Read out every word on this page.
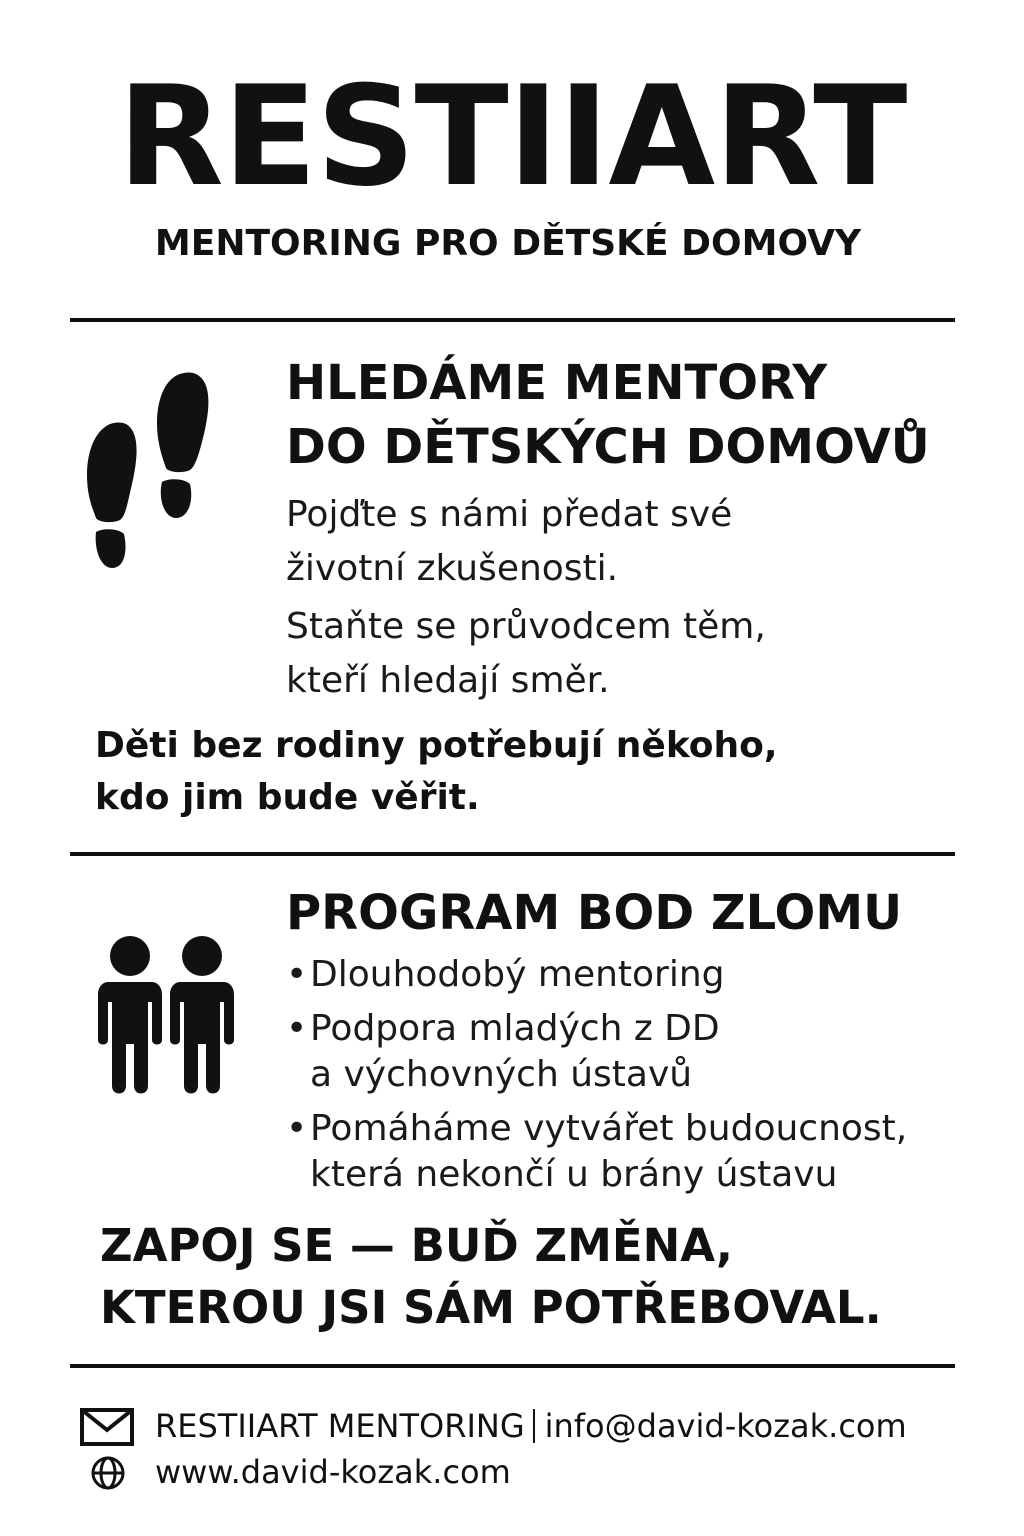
RESTIIART
MENTORING PRO DĚTSKÉ DOMOVY
HLEDÁME MENTORY
DO DĚTSKÝCH DOMOVŮ
Pojďte s námi předat své
životní zkušenosti.
Staňte se průvodcem těm,
kteří hledají směr.
Děti bez rodiny potřebují někoho,
kdo jim bude věřit.
PROGRAM BOD ZLOMU
• Dlouhodobý mentoring
• Podpora mladých z DD
a výchovných ústavů
• Pomáháme vytvářet budoucnost,
která nekončí u brány ústavu
ZAPOJ SE — BUĎ ZMĚNA,
KTEROU JSI SÁM POTŘEBOVAL.
RESTIIART MENTORING info@david-kozak.com
www.david-kozak.com
